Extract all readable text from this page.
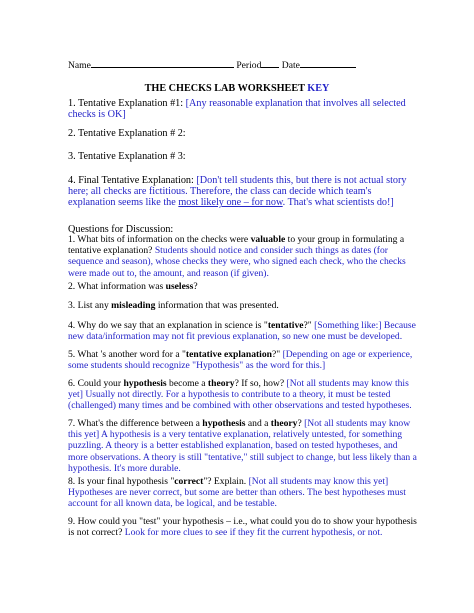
Name	Period Date
THE CHECKS LAB WORKSHEET KEY
1. Tentative Explanation #1: [Any reasonable explanation that involves all selected checks is OK]
2. Tentative Explanation # 2:
3. Tentative Explanation # 3:
4. Final Tentative Explanation: [Don't tell students this, but there is not actual story here; all checks are fictitious. Therefore, the class can decide which team's explanation seems like the most likely one – for now. That's what scientists do!]
Questions for Discussion:
1. What bits of information on the checks were valuable to your group in formulating a tentative explanation? Students should notice and consider such things as dates (for sequence and season), whose checks they were, who signed each check, who the checks were made out to, the amount, and reason (if given).
2. What information was useless?
3. List any misleading information that was presented.
4. Why do we say that an explanation in science is "tentative?" [Something like:] Because new data/information may not fit previous explanation, so new one must be developed.
5. What 's another word for a "tentative explanation?" [Depending on age or experience, some students should recognize "Hypothesis" as the word for this.]
6. Could your hypothesis become a theory? If so, how? [Not all students may know this yet] Usually not directly. For a hypothesis to contribute to a theory, it must be tested (challenged) many times and be combined with other observations and tested hypotheses.
7. What's the difference between a hypothesis and a theory? [Not all students may know this yet] A hypothesis is a very tentative explanation, relatively untested, for something puzzling. A theory is a better established explanation, based on tested hypotheses, and more observations. A theory is still "tentative," still subject to change, but less likely than a hypothesis. It's more durable.
8. Is your final hypothesis "correct"? Explain. [Not all students may know this yet] Hypotheses are never correct, but some are better than others. The best hypotheses must account for all known data, be logical, and be testable.
9. How could you "test" your hypothesis – i.e., what could you do to show your hypothesis is not correct? Look for more clues to see if they fit the current hypothesis, or not.
